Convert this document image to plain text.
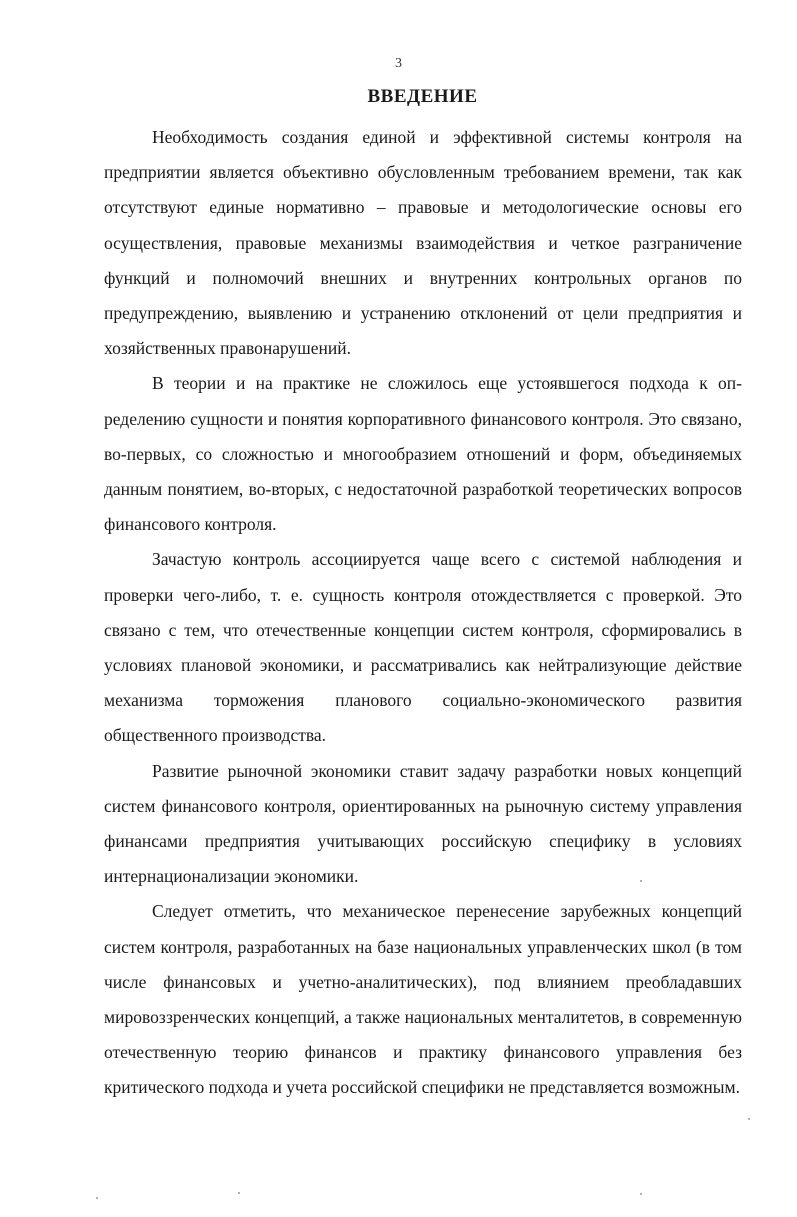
3
ВВЕДЕНИЕ

Необходимость создания единой и эффективной системы контроля на предприятии является объективно обусловленным требованием времени, так как отсутствуют единые нормативно – правовые и методологические основы его осуществления, правовые механизмы взаимодействия и четкое разграничение функций и полномочий внешних и внутренних контрольных органов по предупреждению, выявлению и устранению отклонений от цели предприятия и хозяйственных правонарушений.

В теории и на практике не сложилось еще устоявшегося подхода к определению сущности и понятия корпоративного финансового контроля. Это связано, во-первых, со сложностью и многообразием отношений и форм, объединяемых данным понятием, во-вторых, с недостаточной разработкой теоретических вопросов финансового контроля.

Зачастую контроль ассоциируется чаще всего с системой наблюдения и проверки чего-либо, т. е. сущность контроля отождествляется с проверкой. Это связано с тем, что отечественные концепции систем контроля, сформировались в условиях плановой экономики, и рассматривались как нейтрализующие действие механизма торможения планового социально-экономического развития общественного производства.

Развитие рыночной экономики ставит задачу разработки новых концепций систем финансового контроля, ориентированных на рыночную систему управления финансами предприятия учитывающих российскую специфику в условиях интернационализации экономики.

Следует отметить, что механическое перенесение зарубежных концепций систем контроля, разработанных на базе национальных управленческих школ (в том числе финансовых и учетно-аналитических), под влиянием преобладавших мировоззренческих концепций, а также национальных менталитетов, в современную отечественную теорию финансов и практику финансового управления без критического подхода и учета российской специфики не представляется возможным.
